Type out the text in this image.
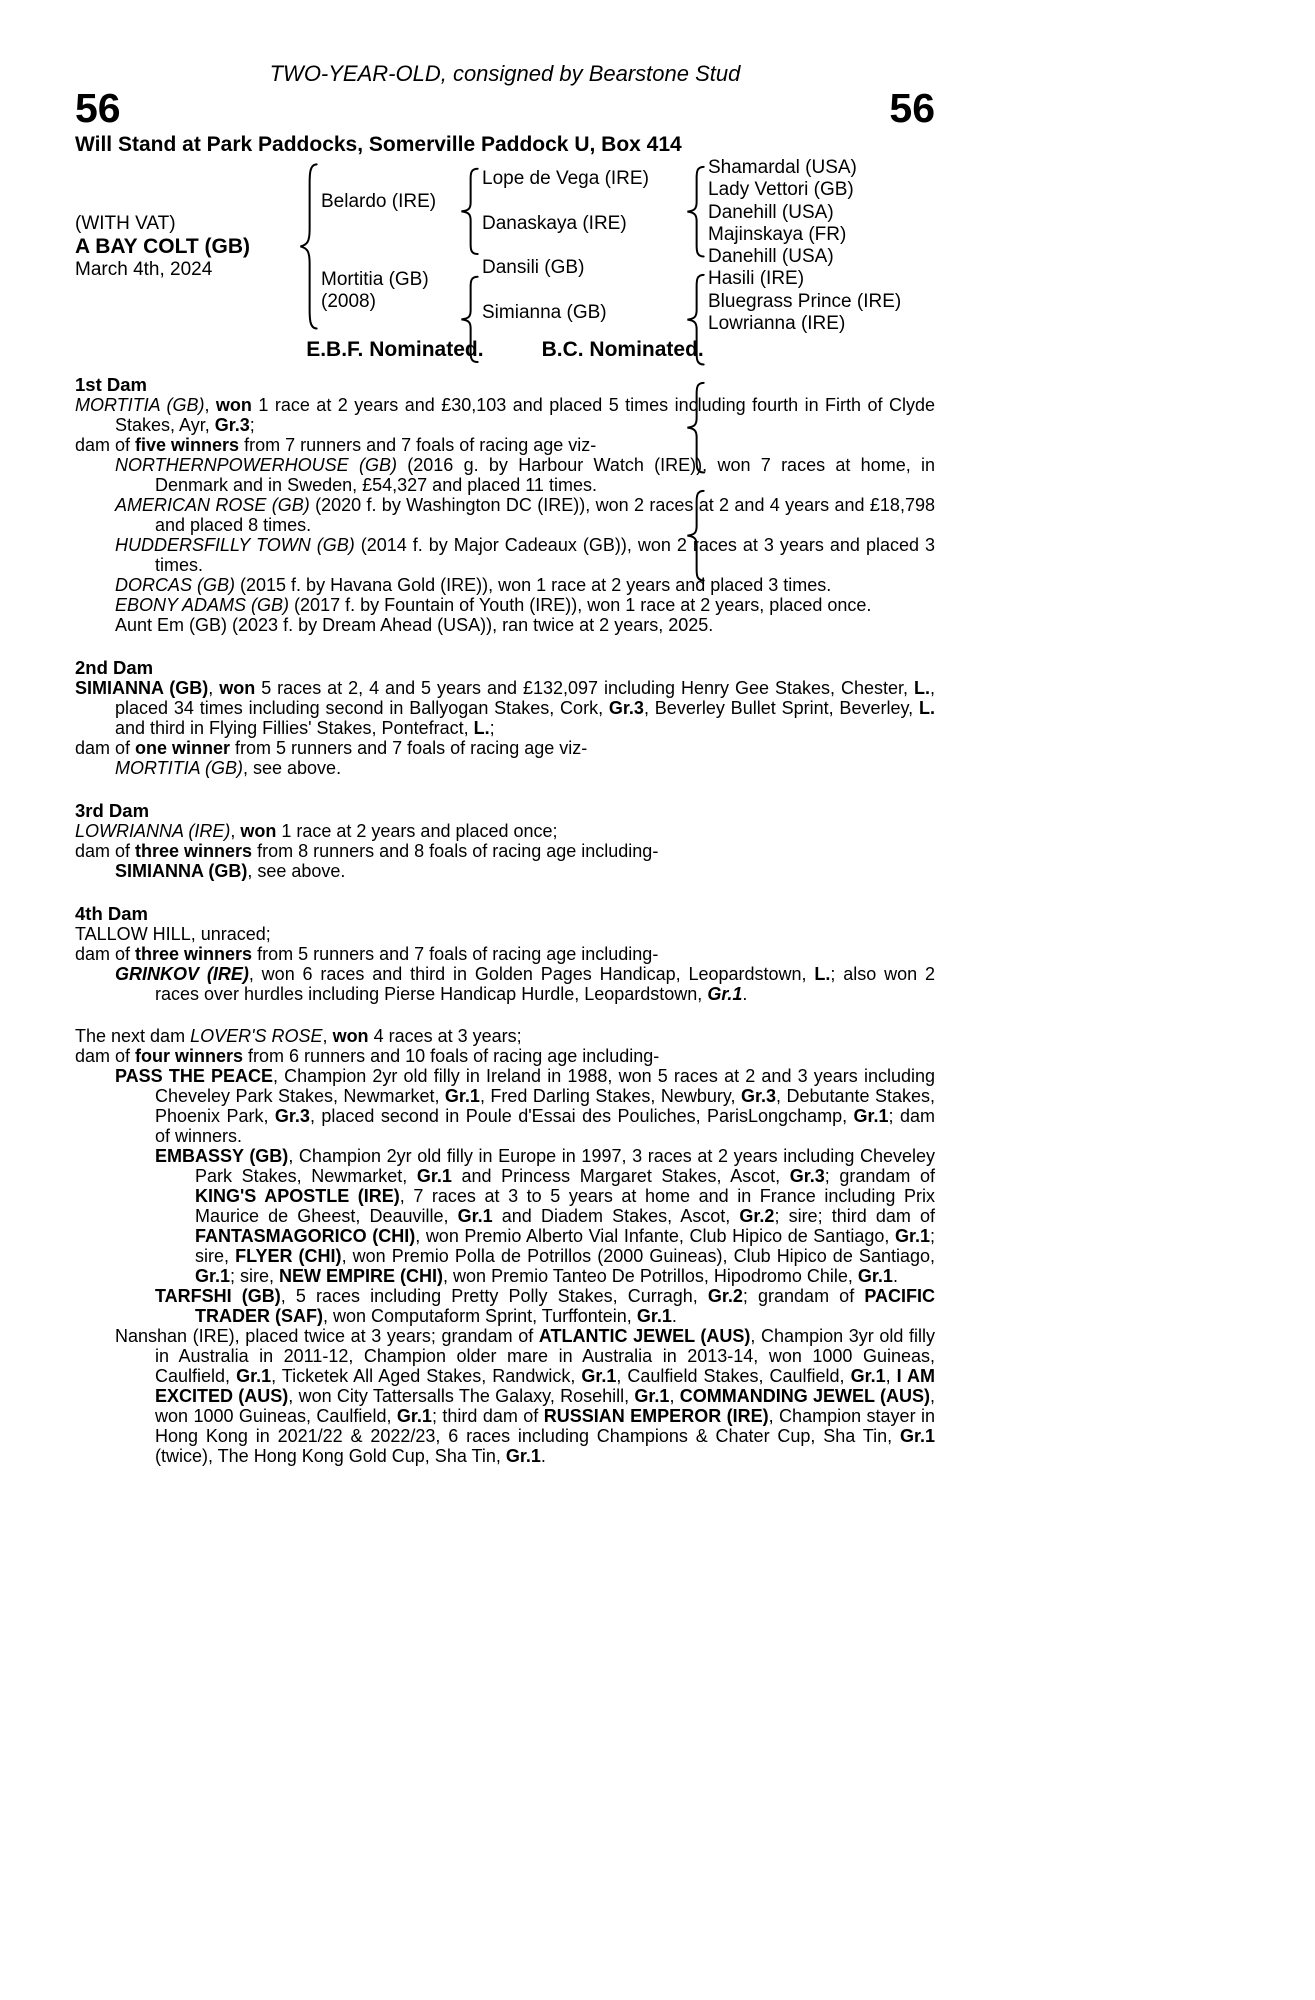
TWO-YEAR-OLD, consigned by Bearstone Stud
56	56
Will Stand at Park Paddocks, Somerville Paddock U, Box 414
(WITH VAT)
A BAY COLT (GB)
March 4th, 2024
Belardo (IRE)
Mortitia (GB)
(2008)
Lope de Vega (IRE)
Danaskaya (IRE)
Dansili (GB)
Simianna (GB)
Shamardal (USA)
Lady Vettori (GB)
Danehill (USA)
Majinskaya (FR)
Danehill (USA)
Hasili (IRE)
Bluegrass Prince (IRE)
Lowrianna (IRE)
E.B.F. Nominated.	B.C. Nominated.
1st Dam

MORTITIA (GB), won 1 race at 2 years and £30,103 and placed 5 times including fourth in Firth of Clyde Stakes, Ayr, Gr.3;

dam of five winners from 7 runners and 7 foals of racing age viz-

NORTHERNPOWERHOUSE (GB) (2016 g. by Harbour Watch (IRE)), won 7 races at home, in Denmark and in Sweden, £54,327 and placed 11 times.

AMERICAN ROSE (GB) (2020 f. by Washington DC (IRE)), won 2 races at 2 and 4 years and £18,798 and placed 8 times.

HUDDERSFILLY TOWN (GB) (2014 f. by Major Cadeaux (GB)), won 2 races at 3 years and placed 3 times.

DORCAS (GB) (2015 f. by Havana Gold (IRE)), won 1 race at 2 years and placed 3 times.

EBONY ADAMS (GB) (2017 f. by Fountain of Youth (IRE)), won 1 race at 2 years, placed once.

Aunt Em (GB) (2023 f. by Dream Ahead (USA)), ran twice at 2 years, 2025.

2nd Dam

SIMIANNA (GB), won 5 races at 2, 4 and 5 years and £132,097 including Henry Gee Stakes, Chester, L., placed 34 times including second in Ballyogan Stakes, Cork, Gr.3, Beverley Bullet Sprint, Beverley, L. and third in Flying Fillies' Stakes, Pontefract, L.;

dam of one winner from 5 runners and 7 foals of racing age viz-

MORTITIA (GB), see above.

3rd Dam

LOWRIANNA (IRE), won 1 race at 2 years and placed once;

dam of three winners from 8 runners and 8 foals of racing age including-

SIMIANNA (GB), see above.

4th Dam

TALLOW HILL, unraced;

dam of three winners from 5 runners and 7 foals of racing age including-

GRINKOV (IRE), won 6 races and third in Golden Pages Handicap, Leopardstown, L.; also won 2 races over hurdles including Pierse Handicap Hurdle, Leopardstown, Gr.1.

The next dam LOVER'S ROSE, won 4 races at 3 years;

dam of four winners from 6 runners and 10 foals of racing age including-

PASS THE PEACE, Champion 2yr old filly in Ireland in 1988, won 5 races at 2 and 3 years including Cheveley Park Stakes, Newmarket, Gr.1, Fred Darling Stakes, Newbury, Gr.3, Debutante Stakes, Phoenix Park, Gr.3, placed second in Poule d'Essai des Pouliches, ParisLongchamp, Gr.1; dam of winners.

EMBASSY (GB), Champion 2yr old filly in Europe in 1997, 3 races at 2 years including Cheveley Park Stakes, Newmarket, Gr.1 and Princess Margaret Stakes, Ascot, Gr.3; grandam of KING'S APOSTLE (IRE), 7 races at 3 to 5 years at home and in France including Prix Maurice de Gheest, Deauville, Gr.1 and Diadem Stakes, Ascot, Gr.2; sire; third dam of FANTASMAGORICO (CHI), won Premio Alberto Vial Infante, Club Hipico de Santiago, Gr.1; sire, FLYER (CHI), won Premio Polla de Potrillos (2000 Guineas), Club Hipico de Santiago, Gr.1; sire, NEW EMPIRE (CHI), won Premio Tanteo De Potrillos, Hipodromo Chile, Gr.1.

TARFSHI (GB), 5 races including Pretty Polly Stakes, Curragh, Gr.2; grandam of PACIFIC TRADER (SAF), won Computaform Sprint, Turffontein, Gr.1.

Nanshan (IRE), placed twice at 3 years; grandam of ATLANTIC JEWEL (AUS), Champion 3yr old filly in Australia in 2011-12, Champion older mare in Australia in 2013-14, won 1000 Guineas, Caulfield, Gr.1, Ticketek All Aged Stakes, Randwick, Gr.1, Caulfield Stakes, Caulfield, Gr.1, I AM EXCITED (AUS), won City Tattersalls The Galaxy, Rosehill, Gr.1, COMMANDING JEWEL (AUS), won 1000 Guineas, Caulfield, Gr.1; third dam of RUSSIAN EMPEROR (IRE), Champion stayer in Hong Kong in 2021/22 & 2022/23, 6 races including Champions & Chater Cup, Sha Tin, Gr.1 (twice), The Hong Kong Gold Cup, Sha Tin, Gr.1.
